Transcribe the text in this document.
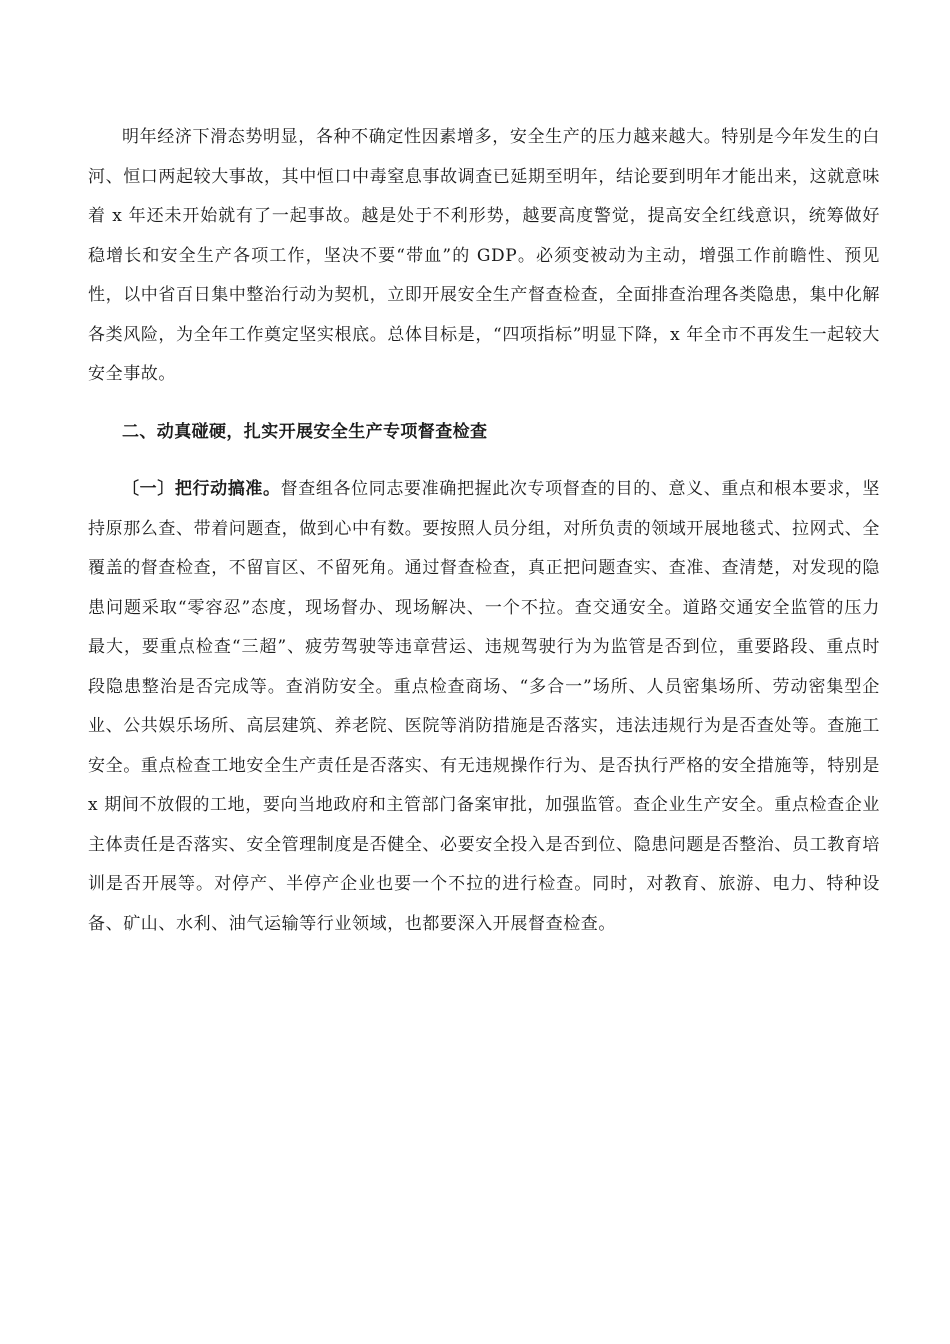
明年经济下滑态势明显，各种不确定性因素增多，安全生产的压力越来越大。特别是今年发生的白河、恒口两起较大事故，其中恒口中毒窒息事故调查已延期至明年，结论要到明年才能出来，这就意味着 x 年还未开始就有了一起事故。越是处于不利形势，越要高度警觉，提高安全红线意识，统筹做好稳增长和安全生产各项工作，坚决不要“带血”的 GDP。必须变被动为主动，增强工作前瞻性、预见性，以中省百日集中整治行动为契机，立即开展安全生产督查检查，全面排查治理各类隐患，集中化解各类风险，为全年工作奠定坚实根底。总体目标是，“四项指标”明显下降，x 年全市不再发生一起较大安全事故。

二、动真碰硬，扎实开展安全生产专项督查检查

〔一〕把行动搞准。督查组各位同志要准确把握此次专项督查的目的、意义、重点和根本要求，坚持原那么查、带着问题查，做到心中有数。要按照人员分组，对所负责的领域开展地毯式、拉网式、全覆盖的督查检查，不留盲区、不留死角。通过督查检查，真正把问题查实、查准、查清楚，对发现的隐患问题采取“零容忍”态度，现场督办、现场解决、一个不拉。查交通安全。道路交通安全监管的压力最大，要重点检查“三超”、疲劳驾驶等违章营运、违规驾驶行为为监管是否到位，重要路段、重点时段隐患整治是否完成等。查消防安全。重点检查商场、“多合一”场所、人员密集场所、劳动密集型企业、公共娱乐场所、高层建筑、养老院、医院等消防措施是否落实，违法违规行为是否查处等。查施工安全。重点检查工地安全生产责任是否落实、有无违规操作行为、是否执行严格的安全措施等，特别是 x 期间不放假的工地，要向当地政府和主管部门备案审批，加强监管。查企业生产安全。重点检查企业主体责任是否落实、安全管理制度是否健全、必要安全投入是否到位、隐患问题是否整治、员工教育培训是否开展等。对停产、半停产企业也要一个不拉的进行检查。同时，对教育、旅游、电力、特种设备、矿山、水利、油气运输等行业领域，也都要深入开展督查检查。
